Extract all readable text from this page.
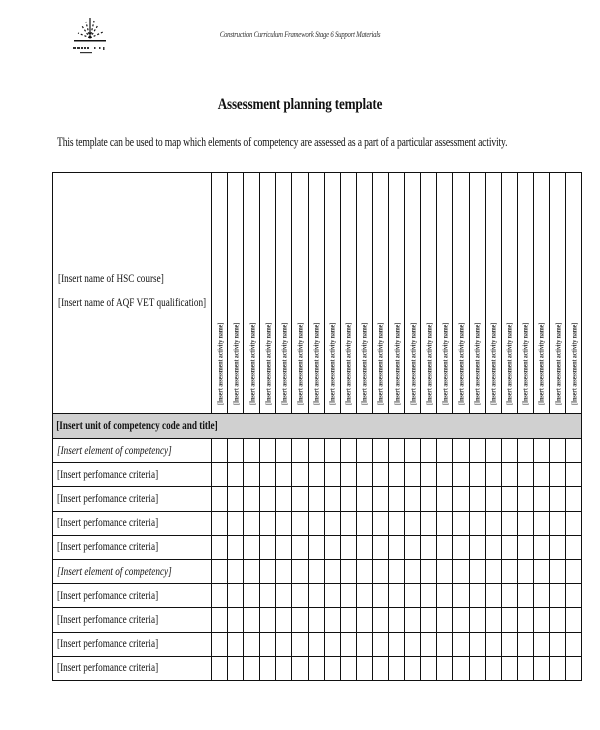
Construction Curriculum Framework Stage 6 Support Materials
Assessment planning template
This template can be used to map which elements of competency are assessed as a part of a particular assessment activity.
[Insert name of HSC course]
[Insert name of AQF VET qualification]	[Insert assessment activity name]	[Insert assessment activity name]	[Insert assessment activity name]	[Insert assessment activity name]	[Insert assessment activity name]	[Insert assessment activity name]	[Insert assessment activity name]	[Insert assessment activity name]	[Insert assessment activity name]	[Insert assessment activity name]	[Insert assessment activity name]	[Insert assessment activity name]	[Insert assessment activity name]	[Insert assessment activity name]	[Insert assessment activity name]	[Insert assessment activity name]	[Insert assessment activity name]	[Insert assessment activity name]	[Insert assessment activity name]	[Insert assessment activity name]	[Insert assessment activity name]	[Insert assessment activity name]	[Insert assessment activity name]

[Insert unit of competency code and title]																							
[Insert element of competency]																							
[Insert perfomance criteria]																							
[Insert perfomance criteria]																							
[Insert perfomance criteria]																							
[Insert perfomance criteria]																							
[Insert element of competency]																							
[Insert perfomance criteria]																							
[Insert perfomance criteria]																							
[Insert perfomance criteria]																							
[Insert perfomance criteria]																							
